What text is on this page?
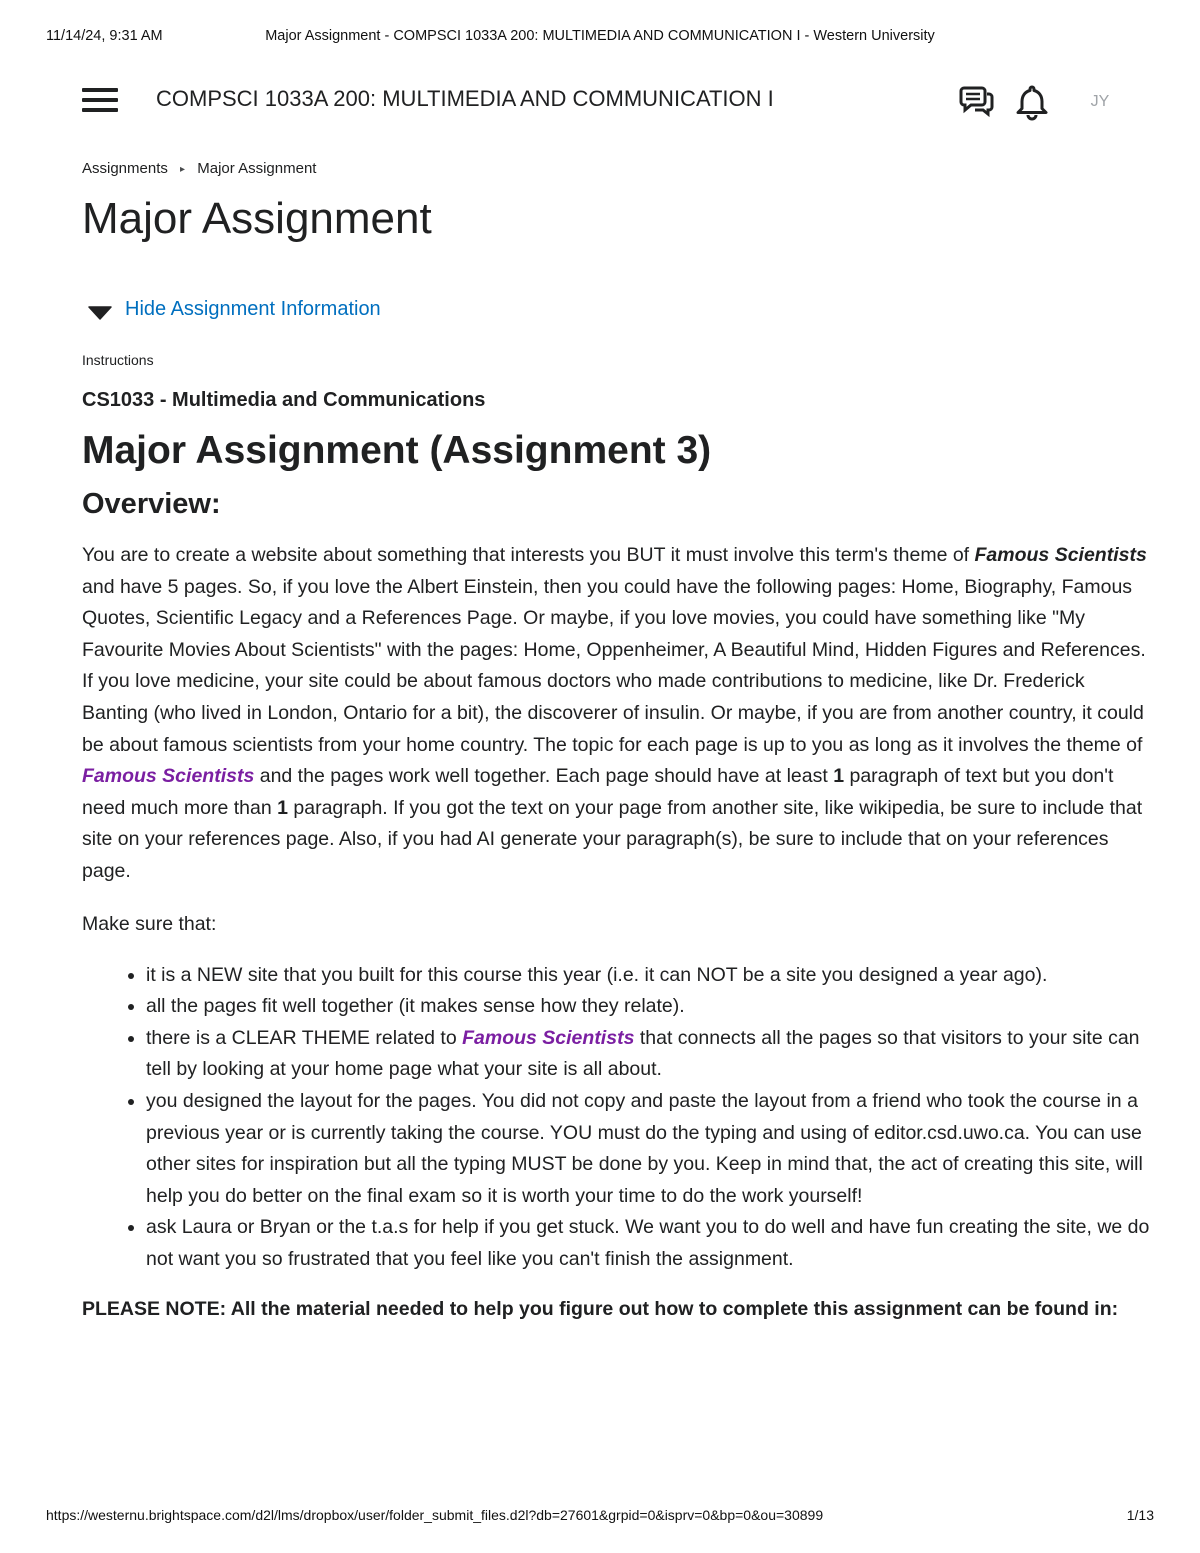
11/14/24, 9:31 AM	Major Assignment - COMPSCI 1033A 200: MULTIMEDIA AND COMMUNICATION I - Western University
COMPSCI 1033A 200: MULTIMEDIA AND COMMUNICATION I	JY
Assignments ▸ Major Assignment
Major Assignment
Hide Assignment Information
Instructions

CS1033 - Multimedia and Communications

Major Assignment (Assignment 3)
Overview:

You are to create a website about something that interests you BUT it must involve this term's theme of Famous Scientists and have 5 pages. So, if you love the Albert Einstein, then you could have the following pages: Home, Biography, Famous Quotes, Scientific Legacy and a References Page. Or maybe, if you love movies, you could have something like "My Favourite Movies About Scientists" with the pages: Home, Oppenheimer, A Beautiful Mind, Hidden Figures and References. If you love medicine, your site could be about famous doctors who made contributions to medicine, like Dr. Frederick Banting (who lived in London, Ontario for a bit), the discoverer of insulin. Or maybe, if you are from another country, it could be about famous scientists from your home country. The topic for each page is up to you as long as it involves the theme of Famous Scientists and the pages work well together. Each page should have at least 1 paragraph of text but you don't need much more than 1 paragraph. If you got the text on your page from another site, like wikipedia, be sure to include that site on your references page. Also, if you had AI generate your paragraph(s), be sure to include that on your references page.

Make sure that:

• it is a NEW site that you built for this course this year (i.e. it can NOT be a site you designed a year ago).
• all the pages fit well together (it makes sense how they relate).
• there is a CLEAR THEME related to Famous Scientists that connects all the pages so that visitors to your site can tell by looking at your home page what your site is all about.
• you designed the layout for the pages. You did not copy and paste the layout from a friend who took the course in a previous year or is currently taking the course. YOU must do the typing and using of editor.csd.uwo.ca. You can use other sites for inspiration but all the typing MUST be done by you. Keep in mind that, the act of creating this site, will help you do better on the final exam so it is worth your time to do the work yourself!
• ask Laura or Bryan or the t.a.s for help if you get stuck. We want you to do well and have fun creating the site, we do not want you so frustrated that you feel like you can't finish the assignment.

PLEASE NOTE: All the material needed to help you figure out how to complete this assignment can be found in:

https://westernu.brightspace.com/d2l/lms/dropbox/user/folder_submit_files.d2l?db=27601&grpid=0&isprv=0&bp=0&ou=30899	1/13
